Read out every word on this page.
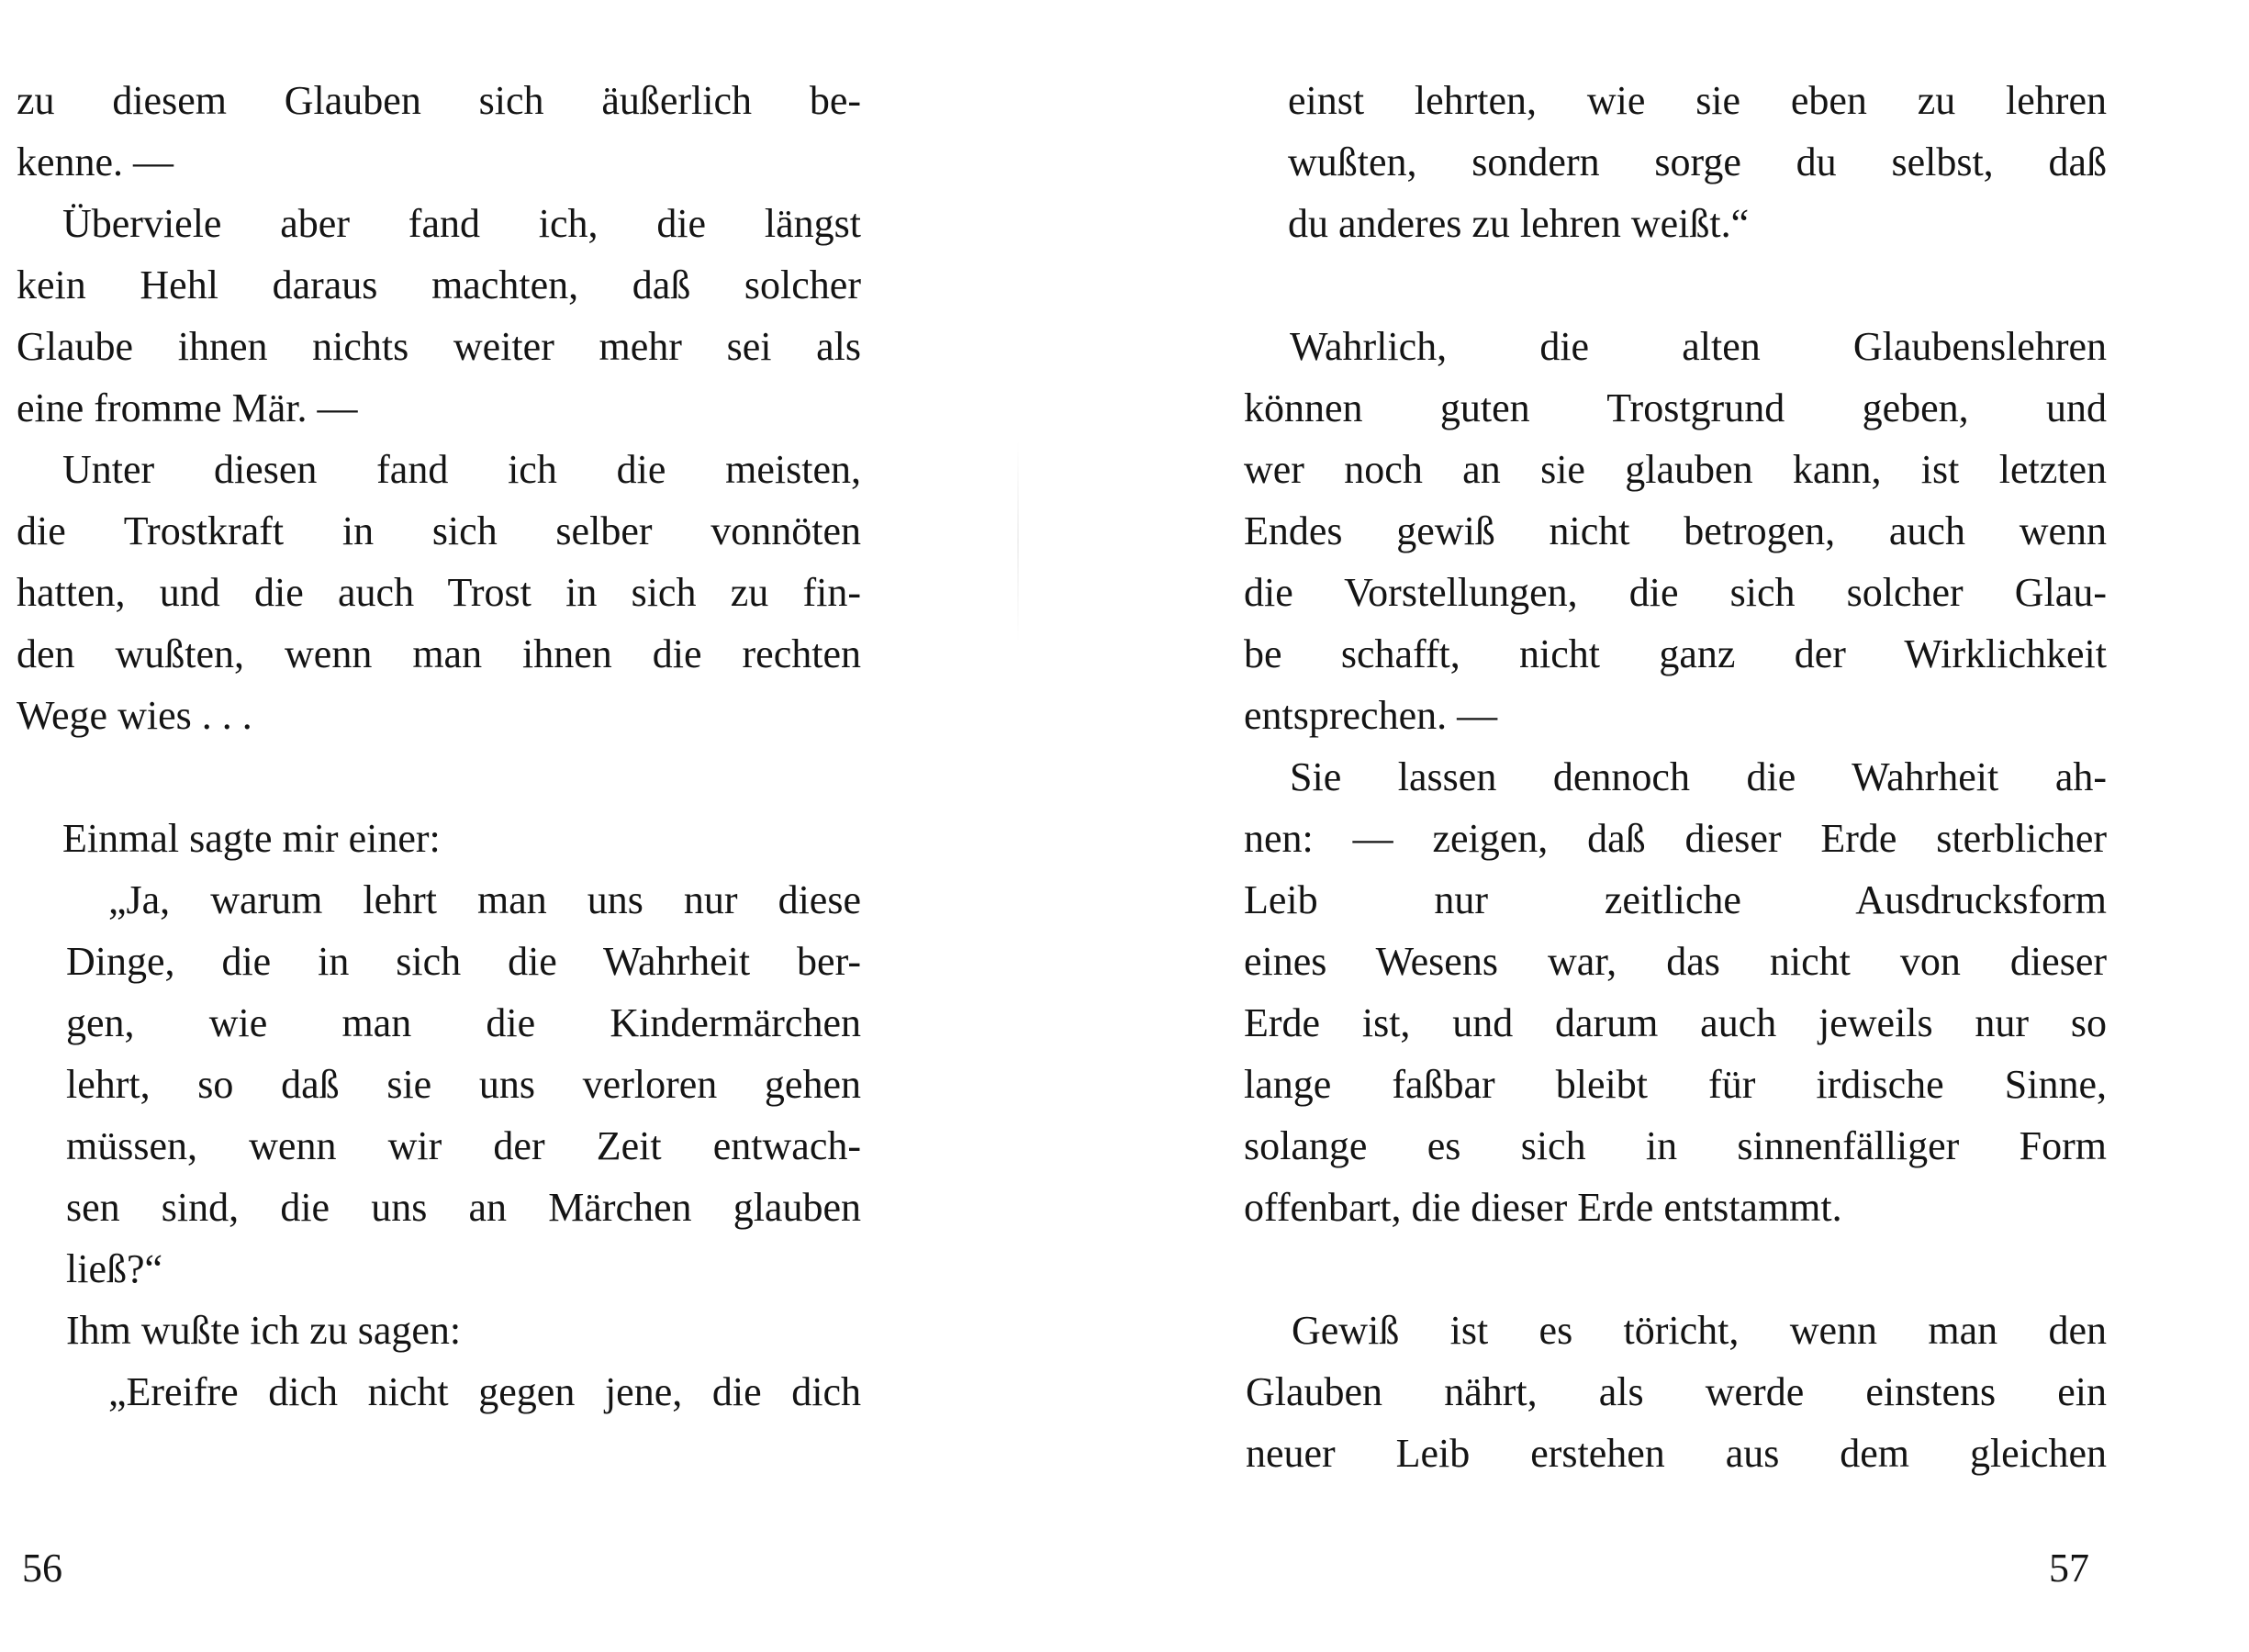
zu diesem Glauben sich äußerlich be-
kenne. —
Überviele aber fand ich, die längst
kein Hehl daraus machten, daß solcher
Glaube ihnen nichts weiter mehr sei als
eine fromme Mär. —
Unter diesen fand ich die meisten,
die Trostkraft in sich selber vonnöten
hatten, und die auch Trost in sich zu fin-
den wußten, wenn man ihnen die rechten
Wege wies . . .
Einmal sagte mir einer:
„Ja, warum lehrt man uns nur diese
Dinge, die in sich die Wahrheit ber-
gen, wie man die Kindermärchen
lehrt, so daß sie uns verloren gehen
müssen, wenn wir der Zeit entwach-
sen sind, die uns an Märchen glauben
ließ?“
Ihm wußte ich zu sagen:
„Ereifre dich nicht gegen jene, die dich
56
einst lehrten, wie sie eben zu lehren
wußten, sondern sorge du selbst, daß
du anderes zu lehren weißt.“
Wahrlich, die alten Glaubenslehren
können guten Trostgrund geben, und
wer noch an sie glauben kann, ist letzten
Endes gewiß nicht betrogen, auch wenn
die Vorstellungen, die sich solcher Glau-
be schafft, nicht ganz der Wirklichkeit
entsprechen. —
Sie lassen dennoch die Wahrheit ah-
nen: — zeigen, daß dieser Erde sterblicher
Leib nur zeitliche Ausdrucksform
eines Wesens war, das nicht von dieser
Erde ist, und darum auch jeweils nur so
lange faßbar bleibt für irdische Sinne,
solange es sich in sinnenfälliger Form
offenbart, die dieser Erde entstammt.
Gewiß ist es töricht, wenn man den
Glauben nährt, als werde einstens ein
neuer Leib erstehen aus dem gleichen
57
